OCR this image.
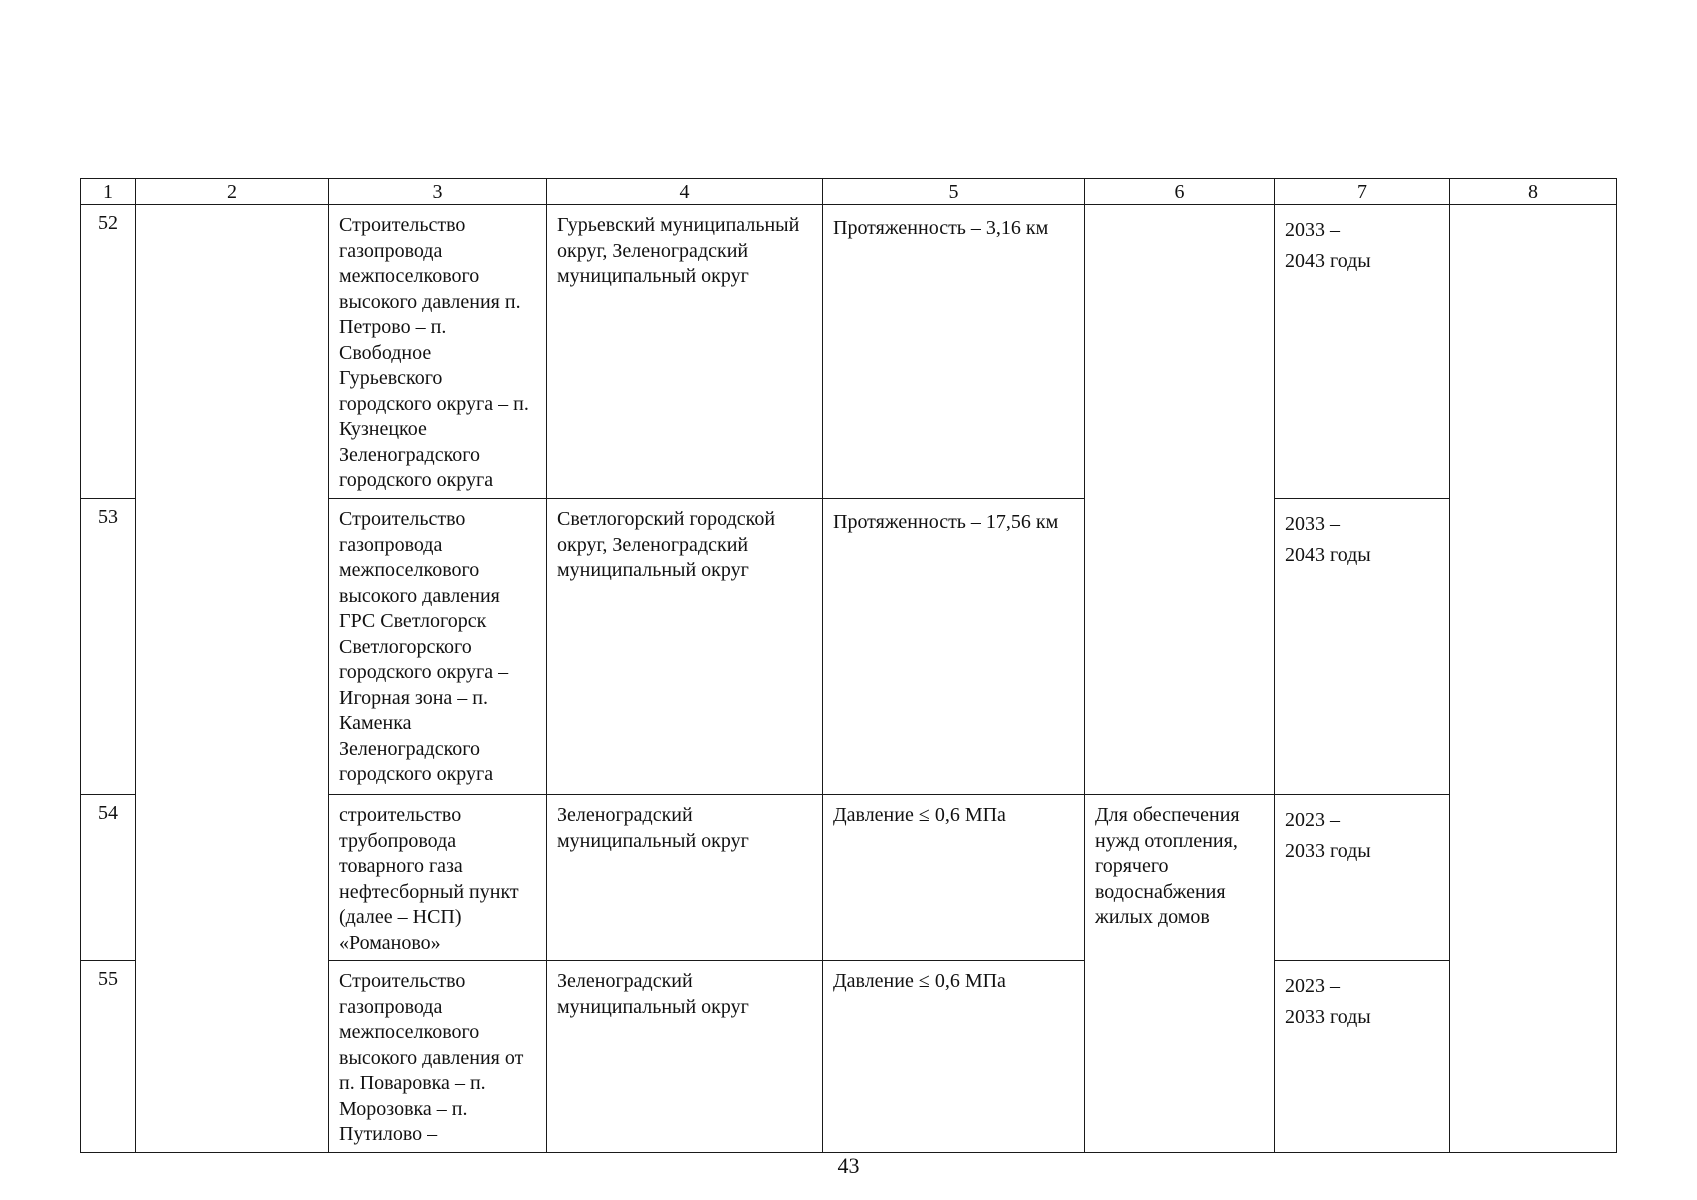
1	2	3	4	5	6	7	8
52		Строительство газопровода межпоселкового высокого давления п. Петрово – п. Свободное Гурьевского городского округа – п. Кузнецкое Зеленоградского городского округа	Гурьевский муниципальный округ, Зеленоградский муниципальный округ	Протяженность – 3,16 км		2033 –
2043 годы	

53		Строительство газопровода межпоселкового высокого давления ГРС Светлогорск Светлогорского городского округа – Игорная зона – п. Каменка Зеленоградского городского округа	Светлогорский городской округ, Зеленоградский муниципальный округ	Протяженность – 17,56 км		2033 –
2043 годы	

54		строительство трубопровода товарного газа нефтесборный пункт (далее – НСП) «Романово»	Зеленоградский муниципальный округ	Давление ≤ 0,6 МПа	Для обеспечения нужд отопления, горячего водоснабжения жилых домов	2023 –
2033 годы	

55		Строительство газопровода межпоселкового высокого давления от п. Поваровка – п. Морозовка – п. Путилово –	Зеленоградский муниципальный округ	Давление ≤ 0,6 МПа		2023 –
2033 годы	
43
